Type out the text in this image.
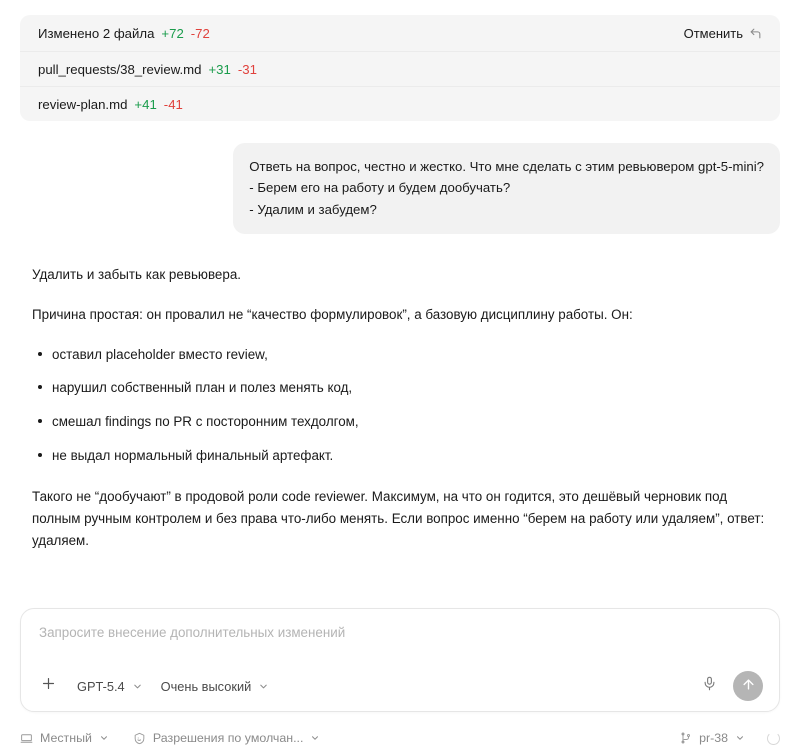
Изменено 2 файла +72 -72	Отменить
pull_requests/38_review.md +31 -31
review-plan.md +41 -41

Ответь на вопрос, честно и жестко. Что мне сделать с этим ревьювером gpt-5-mini?

- Берем его на работу и будем дообучать?

- Удалим и забудем?

Удалить и забыть как ревьювера.

Причина простая: он провалил не “качество формулировок”, а базовую дисциплину работы. Он:

оставил placeholder вместо review,
нарушил собственный план и полез менять код,
смешал findings по PR с посторонним техдолгом,
не выдал нормальный финальный артефакт.

Такого не “дообучают” в продовой роли code reviewer. Максимум, на что он годится, это дешёвый черновик под полным ручным контролем и без права что-либо менять. Если вопрос именно “берем на работу или удаляем”, ответ: удаляем.

Запросите внесение дополнительных изменений
GPT-5.4	Очень высокий
Местный	Разрешения по умолчан...	pr-38
